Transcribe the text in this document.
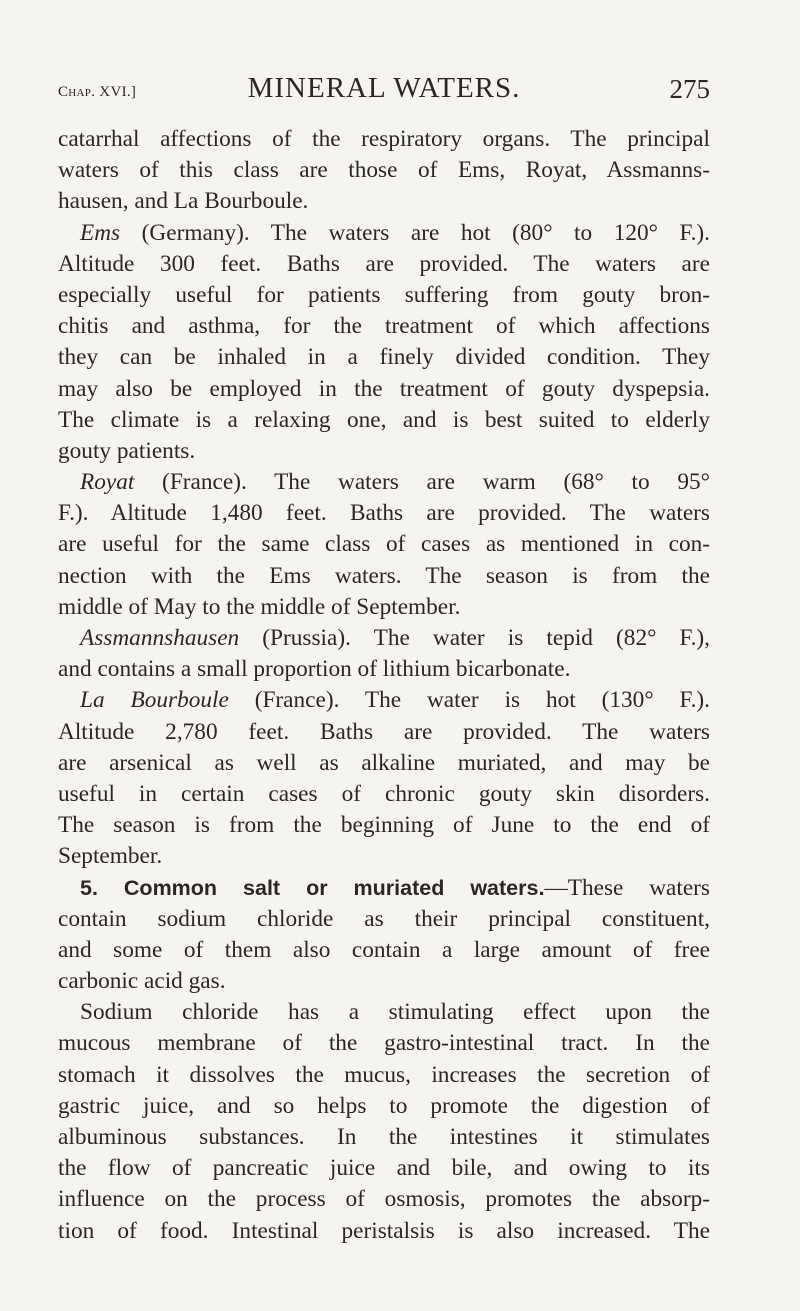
Chap. XVI.]	MINERAL WATERS.	275
catarrhal affections of the respiratory organs. The principal
waters of this class are those of Ems, Royat, Assmanns-
hausen, and La Bourboule.
Ems (Germany). The waters are hot (80° to 120° F.).
Altitude 300 feet. Baths are provided. The waters are
especially useful for patients suffering from gouty bron-
chitis and asthma, for the treatment of which affections
they can be inhaled in a finely divided condition. They
may also be employed in the treatment of gouty dyspepsia.
The climate is a relaxing one, and is best suited to elderly
gouty patients.
Royat (France). The waters are warm (68° to 95°
F.). Altitude 1,480 feet. Baths are provided. The waters
are useful for the same class of cases as mentioned in con-
nection with the Ems waters. The season is from the
middle of May to the middle of September.
Assmannshausen (Prussia). The water is tepid (82° F.),
and contains a small proportion of lithium bicarbonate.
La Bourboule (France). The water is hot (130° F.).
Altitude 2,780 feet. Baths are provided. The waters
are arsenical as well as alkaline muriated, and may be
useful in certain cases of chronic gouty skin disorders.
The season is from the beginning of June to the end of
September.
5. Common salt or muriated waters.—These waters
contain sodium chloride as their principal constituent,
and some of them also contain a large amount of free
carbonic acid gas.
Sodium chloride has a stimulating effect upon the
mucous membrane of the gastro-intestinal tract. In the
stomach it dissolves the mucus, increases the secretion of
gastric juice, and so helps to promote the digestion of
albuminous substances. In the intestines it stimulates
the flow of pancreatic juice and bile, and owing to its
influence on the process of osmosis, promotes the absorp-
tion of food. Intestinal peristalsis is also increased. The
